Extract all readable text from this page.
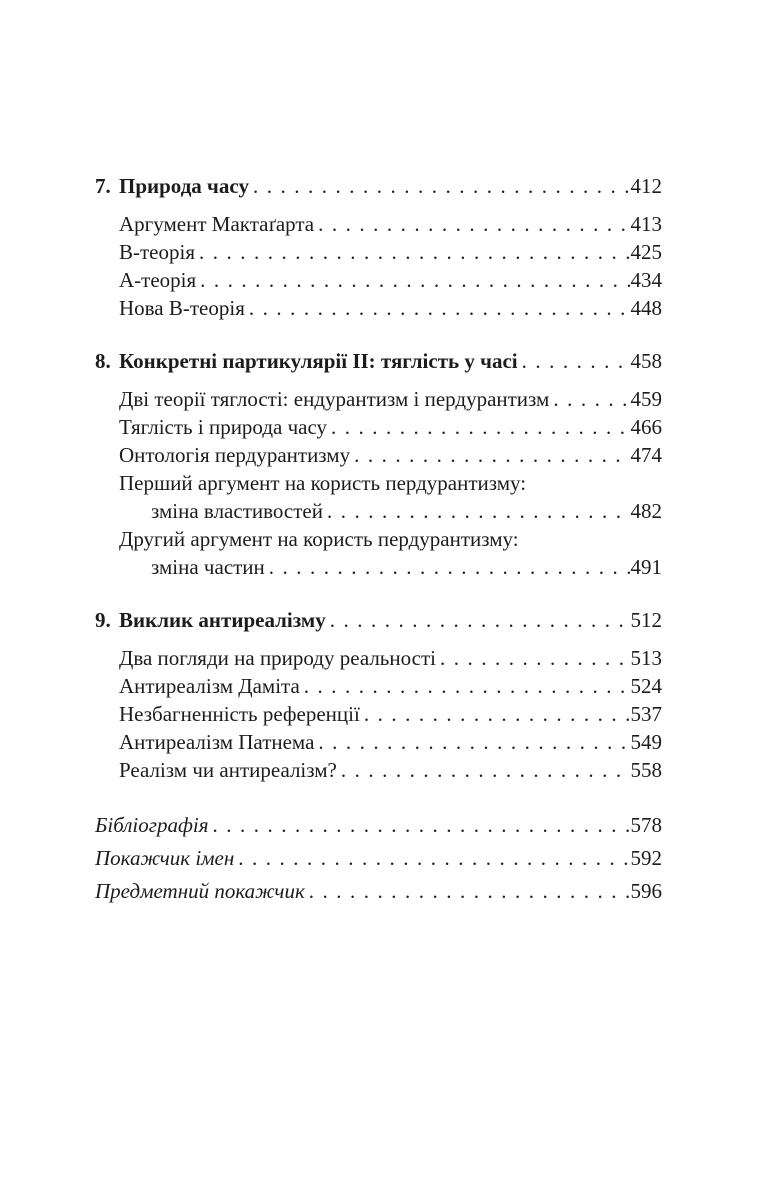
7. Природа часу .....	412
Аргумент Мактаґарта .....	413
B-теорія .....	425
A-теорія .....	434
Нова B-теорія .....	448
8. Конкретні партикулярії II: тяглість у часі .....	458
Дві теорії тяглості: ендурантизм і пердурантизм .....	459
Тяглість і природа часу .....	466
Онтологія пердурантизму .....	474
Перший аргумент на користь пердурантизму:
зміна властивостей .....	482
Другий аргумент на користь пердурантизму:
зміна частин .....	491
9. Виклик антиреалізму .....	512
Два погляди на природу реальності .....	513
Антиреалізм Даміта .....	524
Незбагненність референції .....	537
Антиреалізм Патнема .....	549
Реалізм чи антиреалізм? .....	558
Бібліографія .....	578
Покажчик імен .....	592
Предметний покажчик .....	596
